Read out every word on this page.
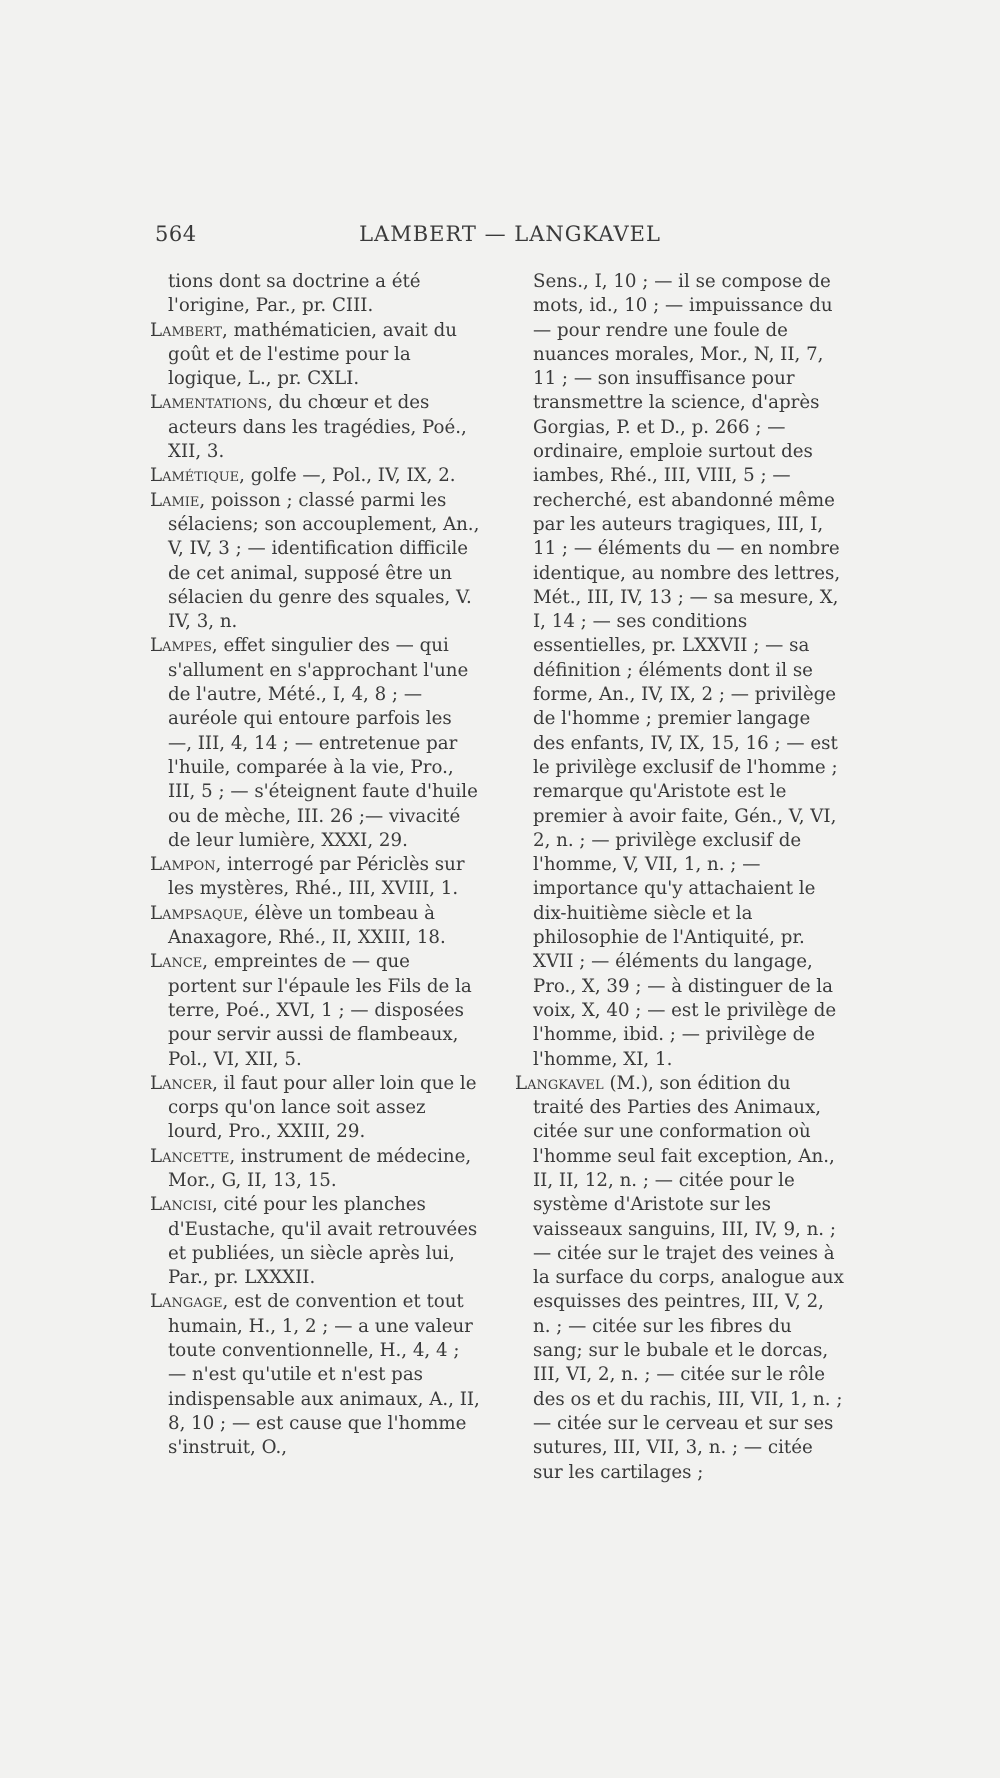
564	LAMBERT — LANGKAVEL

tions dont sa doctrine a été l'origine, Par., pr. CIII.

Lambert, mathématicien, avait du goût et de l'estime pour la logique, L., pr. CXLI.

Lamentations, du chœur et des acteurs dans les tragédies, Poé., XII, 3.

Lamétique, golfe —, Pol., IV, IX, 2.

Lamie, poisson ; classé parmi les sélaciens; son accouplement, An., V, IV, 3 ; — identification difficile de cet animal, supposé être un sélacien du genre des squales, V. IV, 3, n.

Lampes, effet singulier des — qui s'allument en s'approchant l'une de l'autre, Mété., I, 4, 8 ; — auréole qui entoure parfois les —, III, 4, 14 ; — entretenue par l'huile, comparée à la vie, Pro., III, 5 ; — s'éteignent faute d'huile ou de mèche, III. 26 ;— vivacité de leur lumière, XXXI, 29.

Lampon, interrogé par Périclès sur les mystères, Rhé., III, XVIII, 1.

Lampsaque, élève un tombeau à Anaxagore, Rhé., II, XXIII, 18.

Lance, empreintes de — que portent sur l'épaule les Fils de la terre, Poé., XVI, 1 ; — disposées pour servir aussi de flambeaux, Pol., VI, XII, 5.

Lancer, il faut pour aller loin que le corps qu'on lance soit assez lourd, Pro., XXIII, 29.

Lancette, instrument de médecine, Mor., G, II, 13, 15.

Lancisi, cité pour les planches d'Eustache, qu'il avait retrouvées et publiées, un siècle après lui, Par., pr. LXXXII.

Langage, est de convention et tout humain, H., 1, 2 ; — a une valeur toute conventionnelle, H., 4, 4 ; — n'est qu'utile et n'est pas indispensable aux animaux, A., II, 8, 10 ; — est cause que l'homme s'instruit, O.,

Sens., I, 10 ; — il se compose de mots, id., 10 ; — impuissance du — pour rendre une foule de nuances morales, Mor., N, II, 7, 11 ; — son insuffisance pour transmettre la science, d'après Gorgias, P. et D., p. 266 ; — ordinaire, emploie surtout des iambes, Rhé., III, VIII, 5 ; — recherché, est abandonné même par les auteurs tragiques, III, I, 11 ; — éléments du — en nombre identique, au nombre des lettres, Mét., III, IV, 13 ; — sa mesure, X, I, 14 ; — ses conditions essentielles, pr. LXXVII ; — sa définition ; éléments dont il se forme, An., IV, IX, 2 ; — privilège de l'homme ; premier langage des enfants, IV, IX, 15, 16 ; — est le privilège exclusif de l'homme ; remarque qu'Aristote est le premier à avoir faite, Gén., V, VI, 2, n. ; — privilège exclusif de l'homme, V, VII, 1, n. ; — importance qu'y attachaient le dix-huitième siècle et la philosophie de l'Antiquité, pr. XVII ; — éléments du langage, Pro., X, 39 ; — à distinguer de la voix, X, 40 ; — est le privilège de l'homme, ibid. ; — privilège de l'homme, XI, 1.

Langkavel (M.), son édition du traité des Parties des Animaux, citée sur une conformation où l'homme seul fait exception, An., II, II, 12, n. ; — citée pour le système d'Aristote sur les vaisseaux sanguins, III, IV, 9, n. ; — citée sur le trajet des veines à la surface du corps, analogue aux esquisses des peintres, III, V, 2, n. ; — citée sur les fibres du sang; sur le bubale et le dorcas, III, VI, 2, n. ; — citée sur le rôle des os et du rachis, III, VII, 1, n. ; — citée sur le cerveau et sur ses sutures, III, VII, 3, n. ; — citée sur les cartilages ;
